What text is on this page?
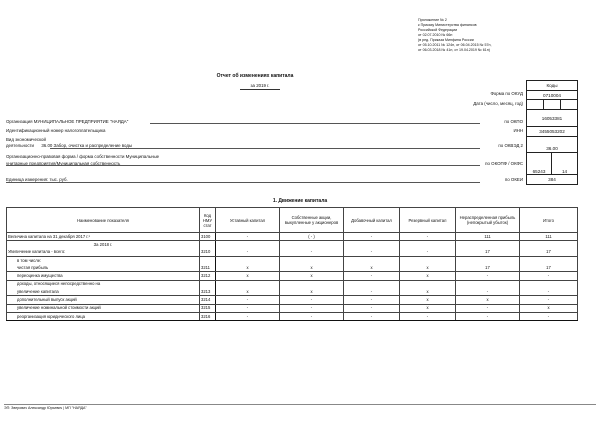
Приложение № 2
к Приказу Министерства финансов
Российской Федерации
от 02.07.2010 № 66н
(в ред. Приказа Минфина России
от 05.10.2011 № 124н, от 06.04.2015 № 57н,
от 06.03.2018 № 41н, от 19.04.2019 № 61н)
Отчет об изменениях капитала
за 2019 г.	Коды
Форма по ОКУД	0710004
Дата (число, месяц, год)
Организация МУНИЦИПАЛЬНОЕ ПРЕДПРИЯТИЕ "НАЯДА"	по ОКПО
16053381
Идентификационный номер налогоплательщика	ИНН	3455053202
Вид экономической
деятельности 36.00 Забор, очистка и распределение воды	по ОКВЭД 2
36.00
Организационно-правовая форма / форма собственности Муниципальные
унитарные предприятия/Муниципальная собственность	по ОКОПФ / ОКФС
65243	14
Единица измерения: тыс. руб.	по ОКЕИ	384
1. Движение капитала
Наименование показателя	Код НМУ стат	Уставный капитал	Собственные акции, выкупленные у акционеров	Добавочный капитал	Резервный капитал	Нераспределенная прибыль (непокрытый убыток)	Итого
Величина капитала на 31 декабря 2017 г.¹	3100	-	( - )	-	-	111	111
За 2018 г.							
Увеличение капитала - всего:	3210	-	-	-	-	17	17
в том числе:							
чистая прибыль	3211	x	x	x	x	17	17
переоценка имущества	3212	x	x	-	x	-	-
доходы, относящиеся непосредственно на							
увеличение капитала	3213	x	x	-	x	-	-
дополнительный выпуск акций	3214	-	-	-	x	x	-
увеличение номинальной стоимости акций	3215	-	-	-	x	-	x
реорганизация юридического лица	3216	-	-	-	-	-	-
ЭП: Зверович Александр Юрьевич | МП "НАЯДА"
